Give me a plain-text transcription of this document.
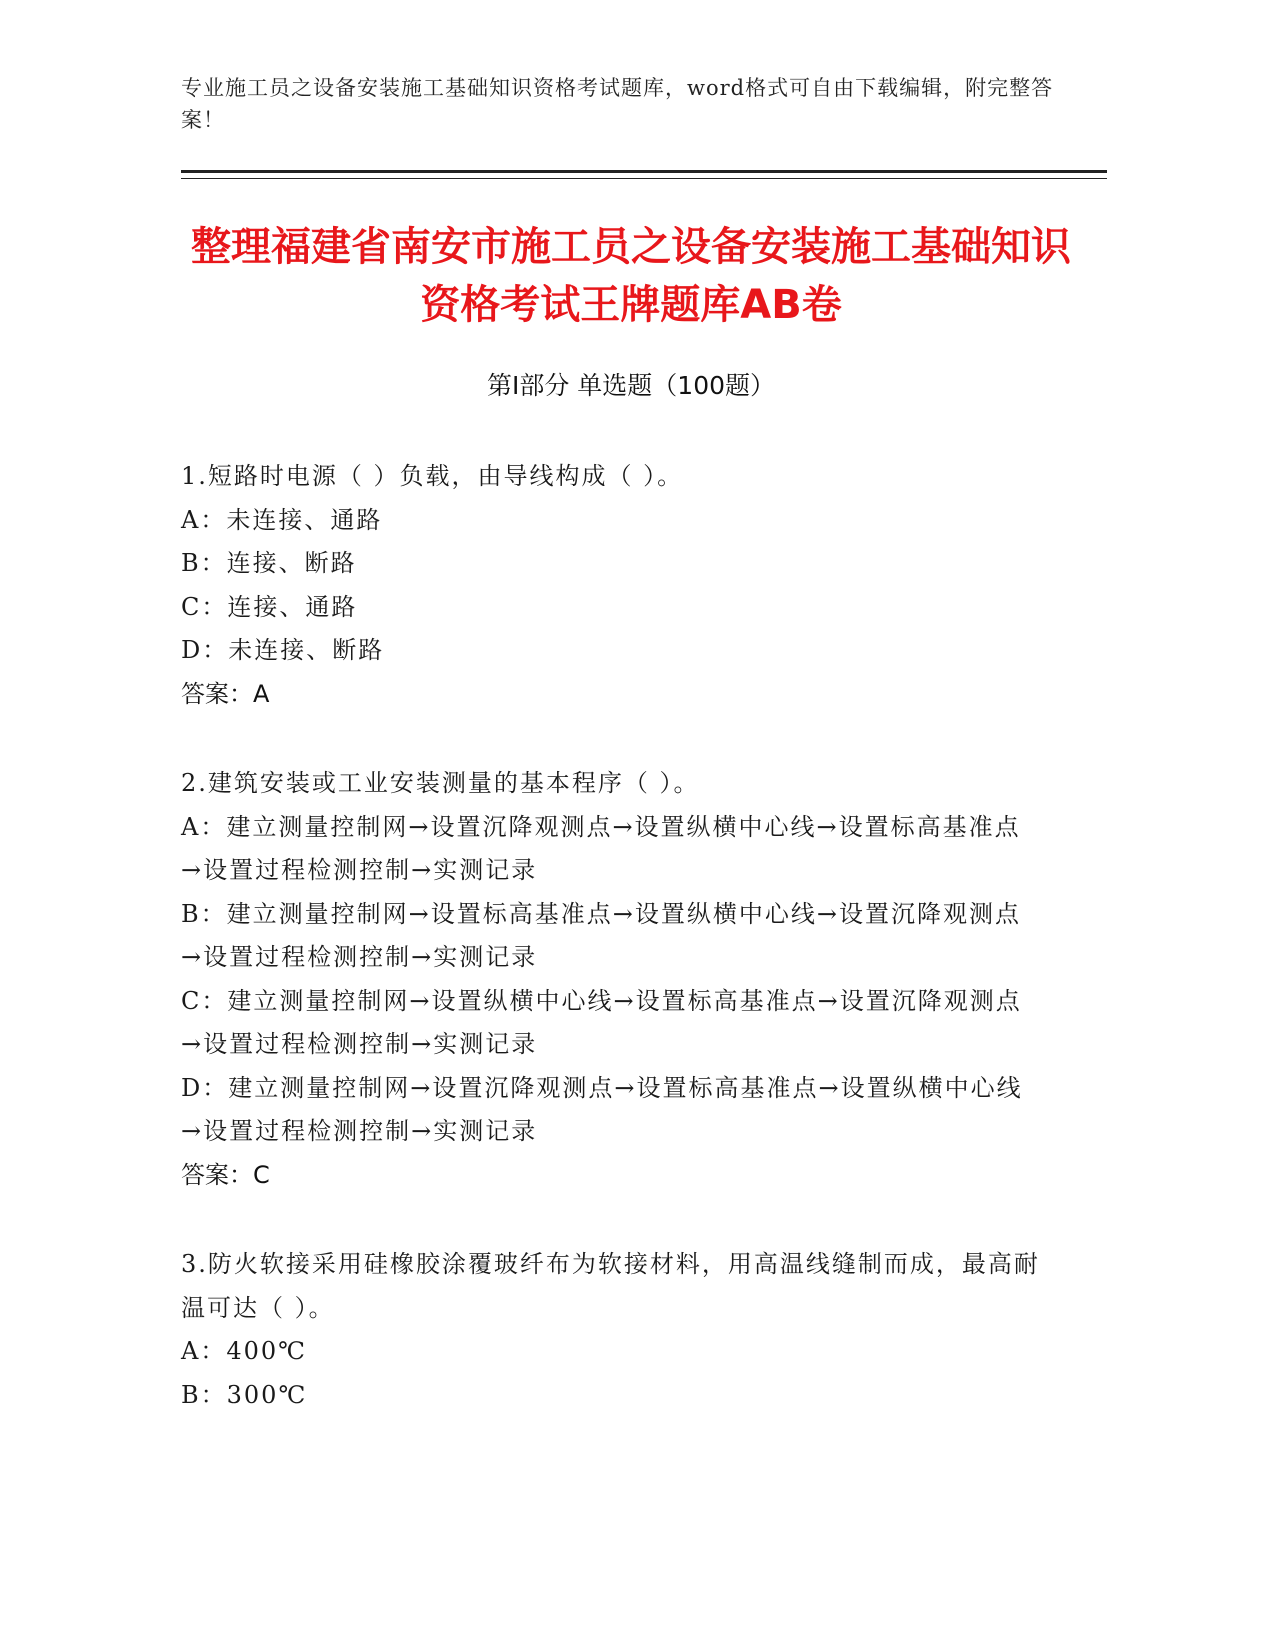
专业施工员之设备安装施工基础知识资格考试题库，word格式可自由下载编辑，附完整答案！
整理福建省南安市施工员之设备安装施工基础知识资格考试王牌题库AB卷
第Ⅰ部分 单选题（100题）
1.短路时电源（ ）负载，由导线构成（ ）。
A：未连接、通路
B：连接、断路
C：连接、通路
D：未连接、断路
答案：A
2.建筑安装或工业安装测量的基本程序（ ）。
A：建立测量控制网→设置沉降观测点→设置纵横中心线→设置标高基准点→设置过程检测控制→实测记录
B：建立测量控制网→设置标高基准点→设置纵横中心线→设置沉降观测点→设置过程检测控制→实测记录
C：建立测量控制网→设置纵横中心线→设置标高基准点→设置沉降观测点→设置过程检测控制→实测记录
D：建立测量控制网→设置沉降观测点→设置标高基准点→设置纵横中心线→设置过程检测控制→实测记录
答案：C
3.防火软接采用硅橡胶涂覆玻纤布为软接材料，用高温线缝制而成，最高耐温可达（ ）。
A：400℃
B：300℃
